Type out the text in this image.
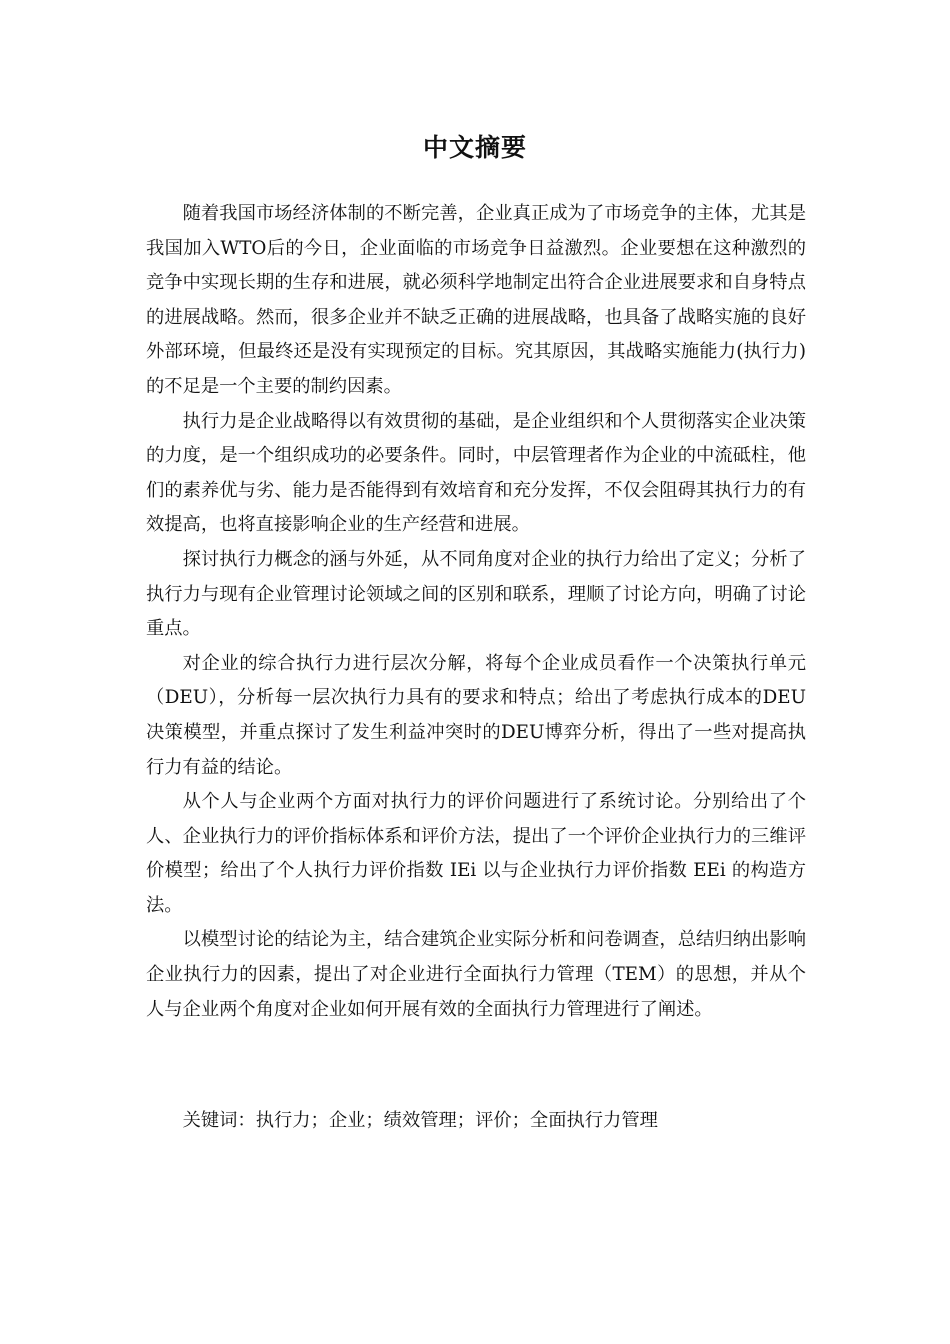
中文摘要

随着我国市场经济体制的不断完善，企业真正成为了市场竞争的主体，尤其是我国加入WTO后的今日，企业面临的市场竞争日益激烈。企业要想在这种激烈的竞争中实现长期的生存和进展，就必须科学地制定出符合企业进展要求和自身特点的进展战略。然而，很多企业并不缺乏正确的进展战略，也具备了战略实施的良好外部环境，但最终还是没有实现预定的目标。究其原因，其战略实施能力(执行力)的不足是一个主要的制约因素。

执行力是企业战略得以有效贯彻的基础，是企业组织和个人贯彻落实企业决策的力度，是一个组织成功的必要条件。同时，中层管理者作为企业的中流砥柱，他们的素养优与劣、能力是否能得到有效培育和充分发挥，不仅会阻碍其执行力的有效提高，也将直接影响企业的生产经营和进展。

探讨执行力概念的涵与外延，从不同角度对企业的执行力给出了定义；分析了执行力与现有企业管理讨论领域之间的区别和联系，理顺了讨论方向，明确了讨论重点。

对企业的综合执行力进行层次分解，将每个企业成员看作一个决策执行单元（DEU），分析每一层次执行力具有的要求和特点；给出了考虑执行成本的DEU决策模型，并重点探讨了发生利益冲突时的DEU博弈分析，得出了一些对提高执行力有益的结论。

从个人与企业两个方面对执行力的评价问题进行了系统讨论。分别给出了个人、企业执行力的评价指标体系和评价方法，提出了一个评价企业执行力的三维评价模型；给出了个人执行力评价指数 IEi 以与企业执行力评价指数 EEi 的构造方法。

以模型讨论的结论为主，结合建筑企业实际分析和问卷调查，总结归纳出影响企业执行力的因素，提出了对企业进行全面执行力管理（TEM）的思想，并从个人与企业两个角度对企业如何开展有效的全面执行力管理进行了阐述。

关键词：执行力；企业；绩效管理；评价；全面执行力管理
